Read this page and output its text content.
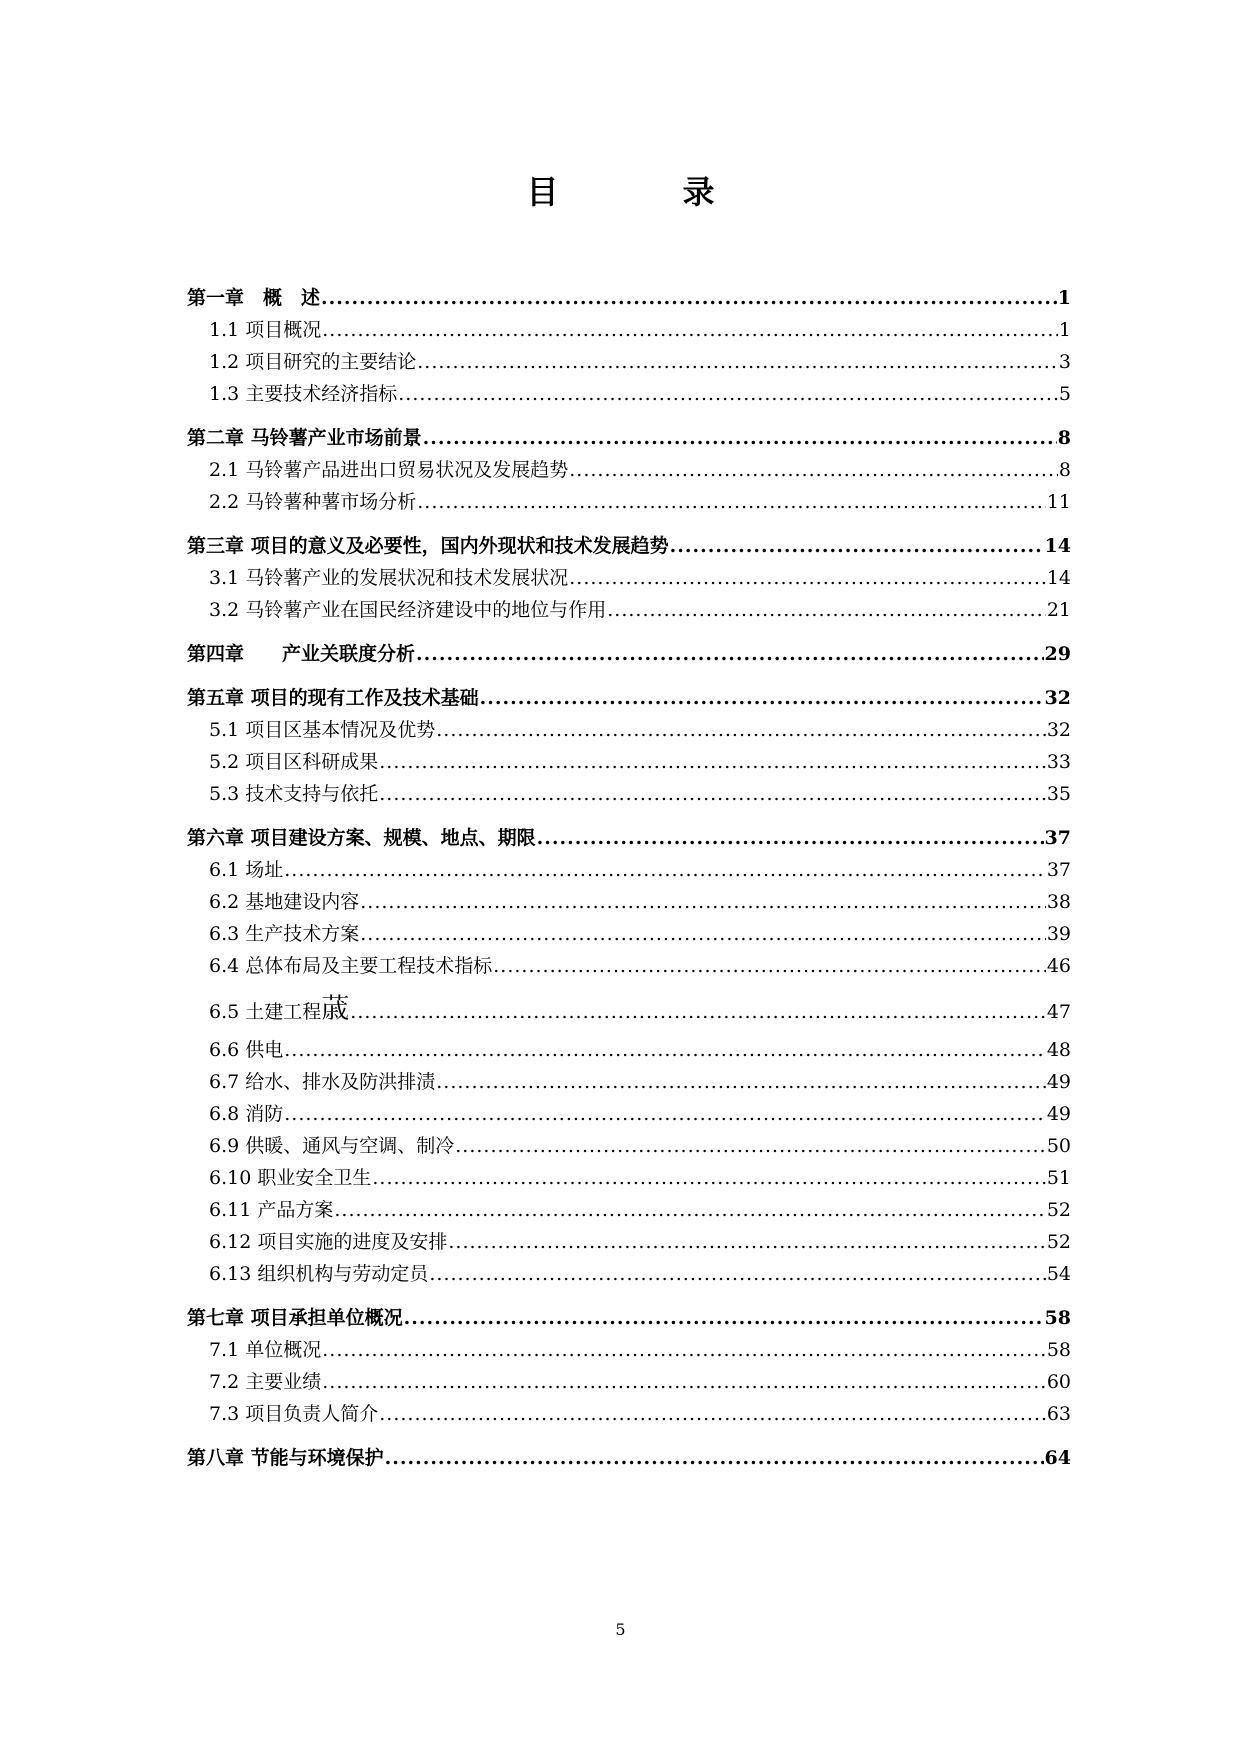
目　录
第一章　概　述 .....	1
1.1 项目概况 .....	1
1.2 项目研究的主要结论 .....	3
1.3 主要技术经济指标 .....	5
第二章 马铃薯产业市场前景 .....	8
2.1 马铃薯产品进出口贸易状况及发展趋势 .....	8
2.2 马铃薯种薯市场分析 .....	11
第三章 项目的意义及必要性，国内外现状和技术发展趋势 .....	14
3.1 马铃薯产业的发展状况和技术发展状况 .....	14
3.2 马铃薯产业在国民经济建设中的地位与作用 .....	21
第四章　　产业关联度分析 .....	29
第五章 项目的现有工作及技术基础 .....	32
5.1 项目区基本情况及优势 .....	32
5.2 项目区科研成果 .....	33
5.3 技术支持与依托 .....	35
第六章 项目建设方案、规模、地点、期限 .....	37
6.1 场址 .....	37
6.2 基地建设内容 .....	38
6.3 生产技术方案 .....	39
6.4 总体布局及主要工程技术指标 .....	46
6.5 土建工程 𦸗 .....	47
6.6 供电 .....	48
6.7 给水、排水及防洪排渍 .....	49
6.8 消防 .....	49
6.9 供暖、通风与空调、制冷 .....	50
6.10 职业安全卫生 .....	51
6.11 产品方案 .....	52
6.12 项目实施的进度及安排 .....	52
6.13 组织机构与劳动定员 .....	54
第七章 项目承担单位概况 .....	58
7.1 单位概况 .....	58
7.2 主要业绩 .....	60
7.3 项目负责人简介 .....	63
第八章 节能与环境保护 .....	64
5
